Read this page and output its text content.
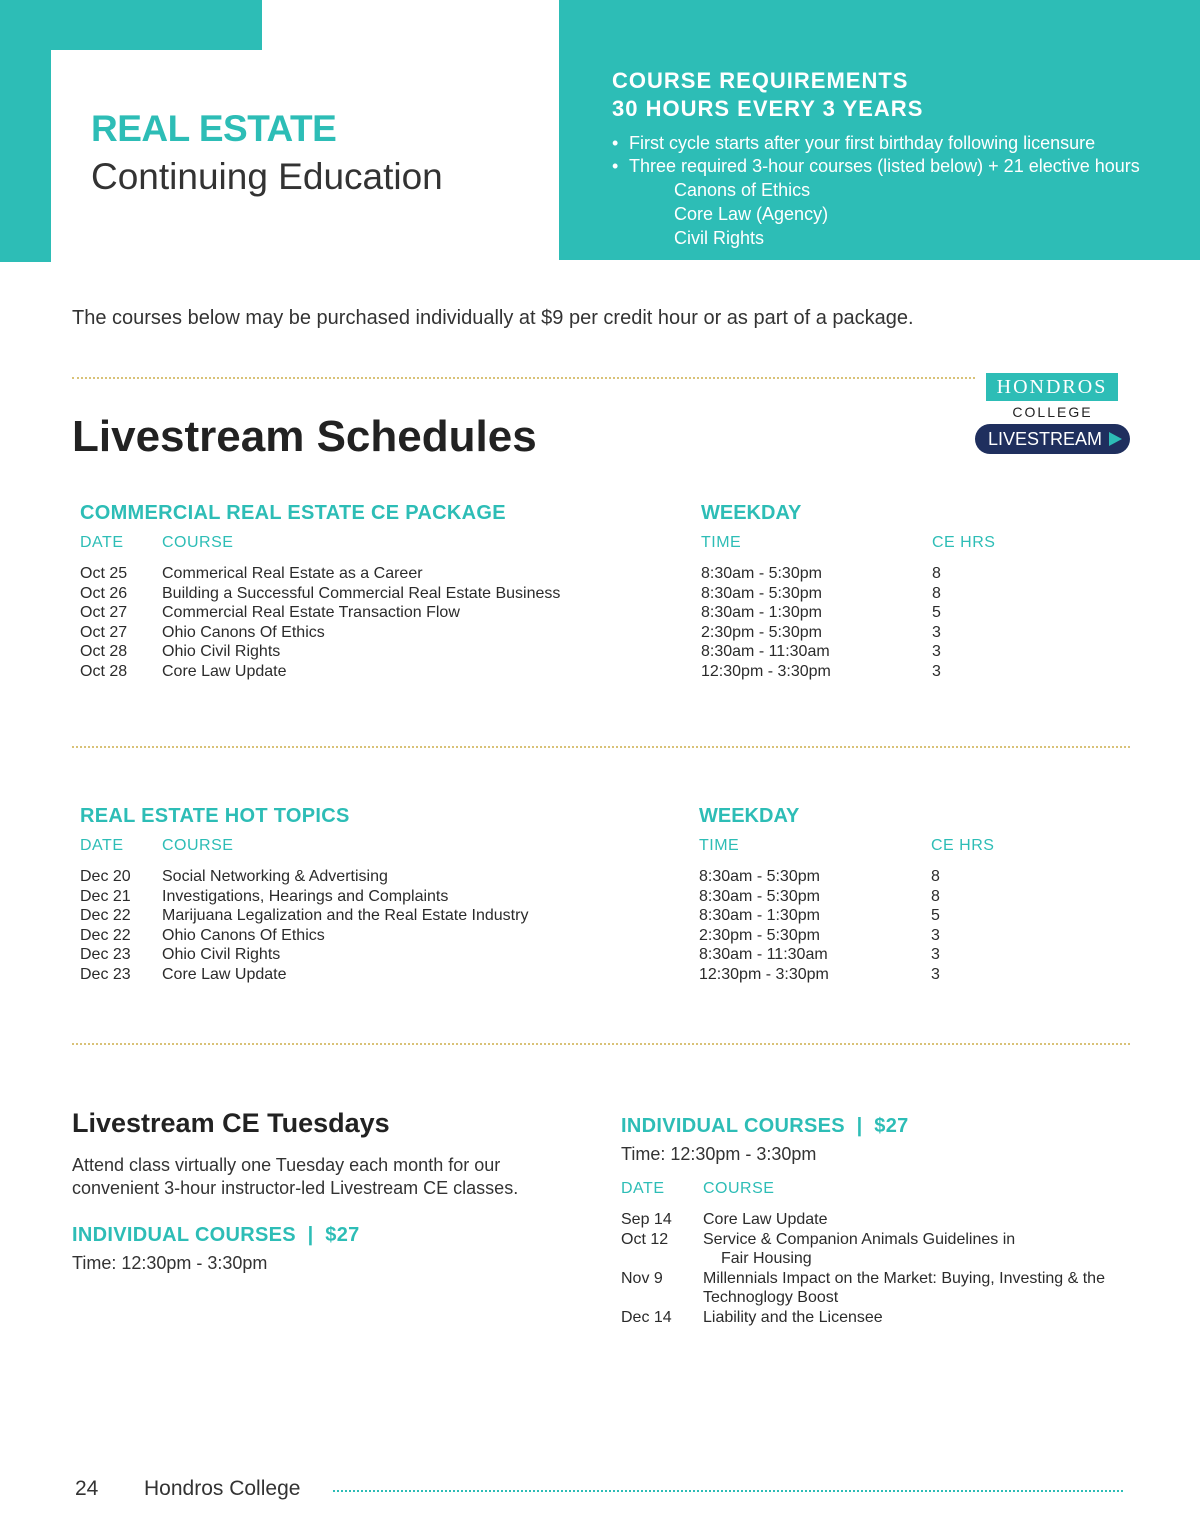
REAL ESTATE
Continuing Education
COURSE REQUIREMENTS
30 HOURS EVERY 3 YEARS
• First cycle starts after your first birthday following licensure
• Three required 3-hour courses (listed below) + 21 elective hours
Canons of Ethics
Core Law (Agency)
Civil Rights
The courses below may be purchased individually at $9 per credit hour or as part of a package.
HONDROS
COLLEGE
LIVESTREAM
Livestream Schedules
COMMERCIAL REAL ESTATE CE PACKAGE	WEEKDAY
DATE COURSE	TIME	CE HRS
Oct 25 Commerical Real Estate as a Career	8:30am - 5:30pm	8
Oct 26 Building a Successful Commercial Real Estate Business	8:30am - 5:30pm	8
Oct 27 Commercial Real Estate Transaction Flow	8:30am - 1:30pm	5
Oct 27 Ohio Canons Of Ethics	2:30pm - 5:30pm	3
Oct 28 Ohio Civil Rights	8:30am - 11:30am	3
Oct 28 Core Law Update	12:30pm - 3:30pm	3
REAL ESTATE HOT TOPICS	WEEKDAY
DATE COURSE	TIME	CE HRS
Dec 20 Social Networking & Advertising	8:30am - 5:30pm	8
Dec 21 Investigations, Hearings and Complaints	8:30am - 5:30pm	8
Dec 22 Marijuana Legalization and the Real Estate Industry	8:30am - 1:30pm	5
Dec 22 Ohio Canons Of Ethics	2:30pm - 5:30pm	3
Dec 23 Ohio Civil Rights	8:30am - 11:30am	3
Dec 23 Core Law Update	12:30pm - 3:30pm	3
Livestream CE Tuesdays
Attend class virtually one Tuesday each month for our convenient 3-hour instructor-led Livestream CE classes.
INDIVIDUAL COURSES  |  $27
Time: 12:30pm - 3:30pm
INDIVIDUAL COURSES  |  $27
Time: 12:30pm - 3:30pm
DATE COURSE
Sep 14 Core Law Update
Oct 12 Service & Companion Animals Guidelines in
Fair Housing
Nov 9	Millennials Impact on the Market: Buying, Investing & the
Technoglogy Boost
Dec 14 Liability and the Licensee
24 Hondros College
